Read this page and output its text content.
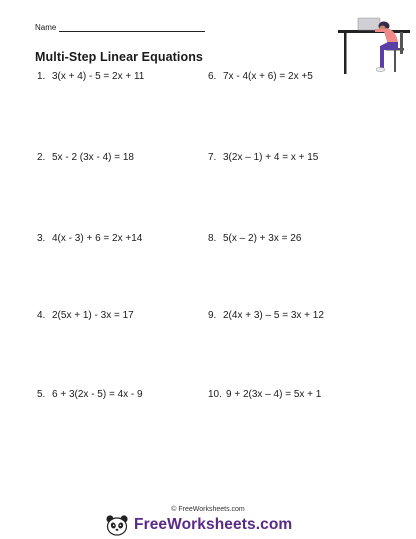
Name
Multi-Step Linear Equations
1. 3(x + 4) - 5 = 2x + 11
2. 5x - 2 (3x - 4) = 18
3. 4(x - 3) + 6 = 2x +14
4. 2(5x + 1) - 3x = 17
5. 6 + 3(2x - 5) = 4x - 9
6. 7x - 4(x + 6) = 2x +5
7. 3(2x – 1) + 4 = x + 15
8. 5(x – 2) + 3x = 26
9. 2(4x + 3) – 5 = 3x + 12
10. 9 + 2(3x – 4) = 5x + 1
© FreeWorksheets.com
FreeWorksheets.com
